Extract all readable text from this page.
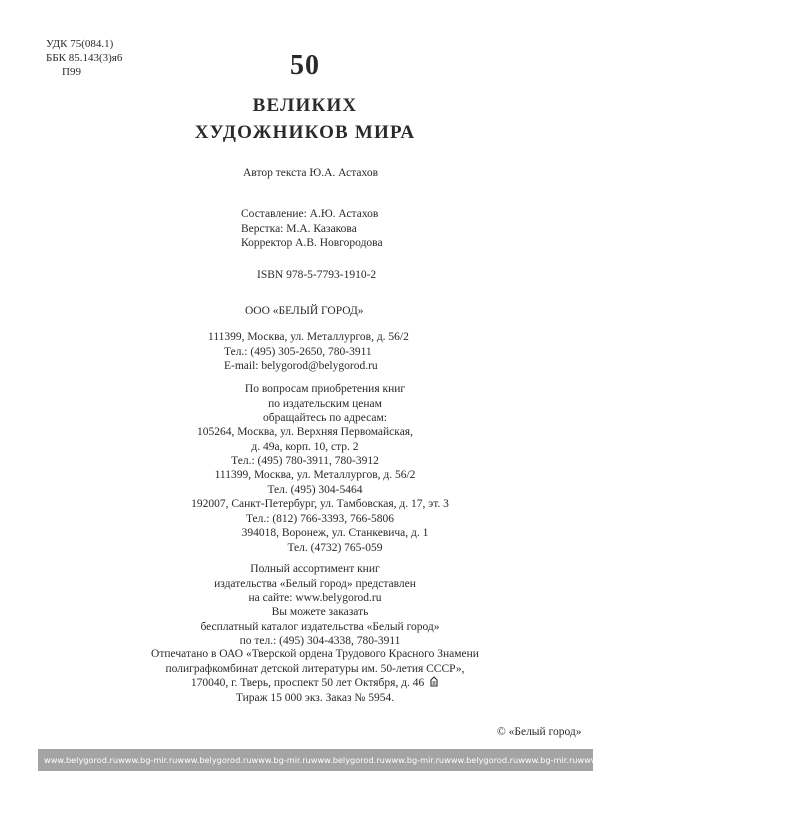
УДК 75(084.1)
ББК 85.143(3)я6
П99	50
ВЕЛИКИХ
ХУДОЖНИКОВ МИРА
Автор текста Ю.А. Астахов
Составление: А.Ю. Астахов
Верстка: М.А. Казакова
Корректор А.В. Новгородова
ISBN 978-5-7793-1910-2
ООО «БЕЛЫЙ ГОРОД»
111399, Москва, ул. Металлургов, д. 56/2
Тел.: (495) 305-2650, 780-3911
E-mail: belygorod@belygorod.ru
По вопросам приобретения книг
по издательским ценам
обращайтесь по адресам:
105264, Москва, ул. Верхняя Первомайская,
д. 49а, корп. 10, стр. 2
Тел.: (495) 780-3911, 780-3912
111399, Москва, ул. Металлургов, д. 56/2
Тел. (495) 304-5464
192007, Санкт-Петербург, ул. Тамбовская, д. 17, эт. 3
Тел.: (812) 766-3393, 766-5806
394018, Воронеж, ул. Станкевича, д. 1
Тел. (4732) 765-059
Полный ассортимент книг
издательства «Белый город» представлен
на сайте: www.belygorod.ru
Вы можете заказать
бесплатный каталог издательства «Белый город»
по тел.: (495) 304-4338, 780-3911
Отпечатано в ОАО «Тверской ордена Трудового Красного Знамени
полиграфкомбинат детской литературы им. 50-летия СССР»,
170040, г. Тверь, проспект 50 лет Октября, д. 46
Тираж 15 000 экз. Заказ № 5954.
© «Белый город»
www.belygorod.ru www.bg-mir.ru www.belygorod.ru www.bg-mir.ru www.belygorod.ru www.bg-mir.ru www.belygorod.ru www.bg-mir.ru www.belygorod.ru www.bg-mir.ru www.belygorod.ru
